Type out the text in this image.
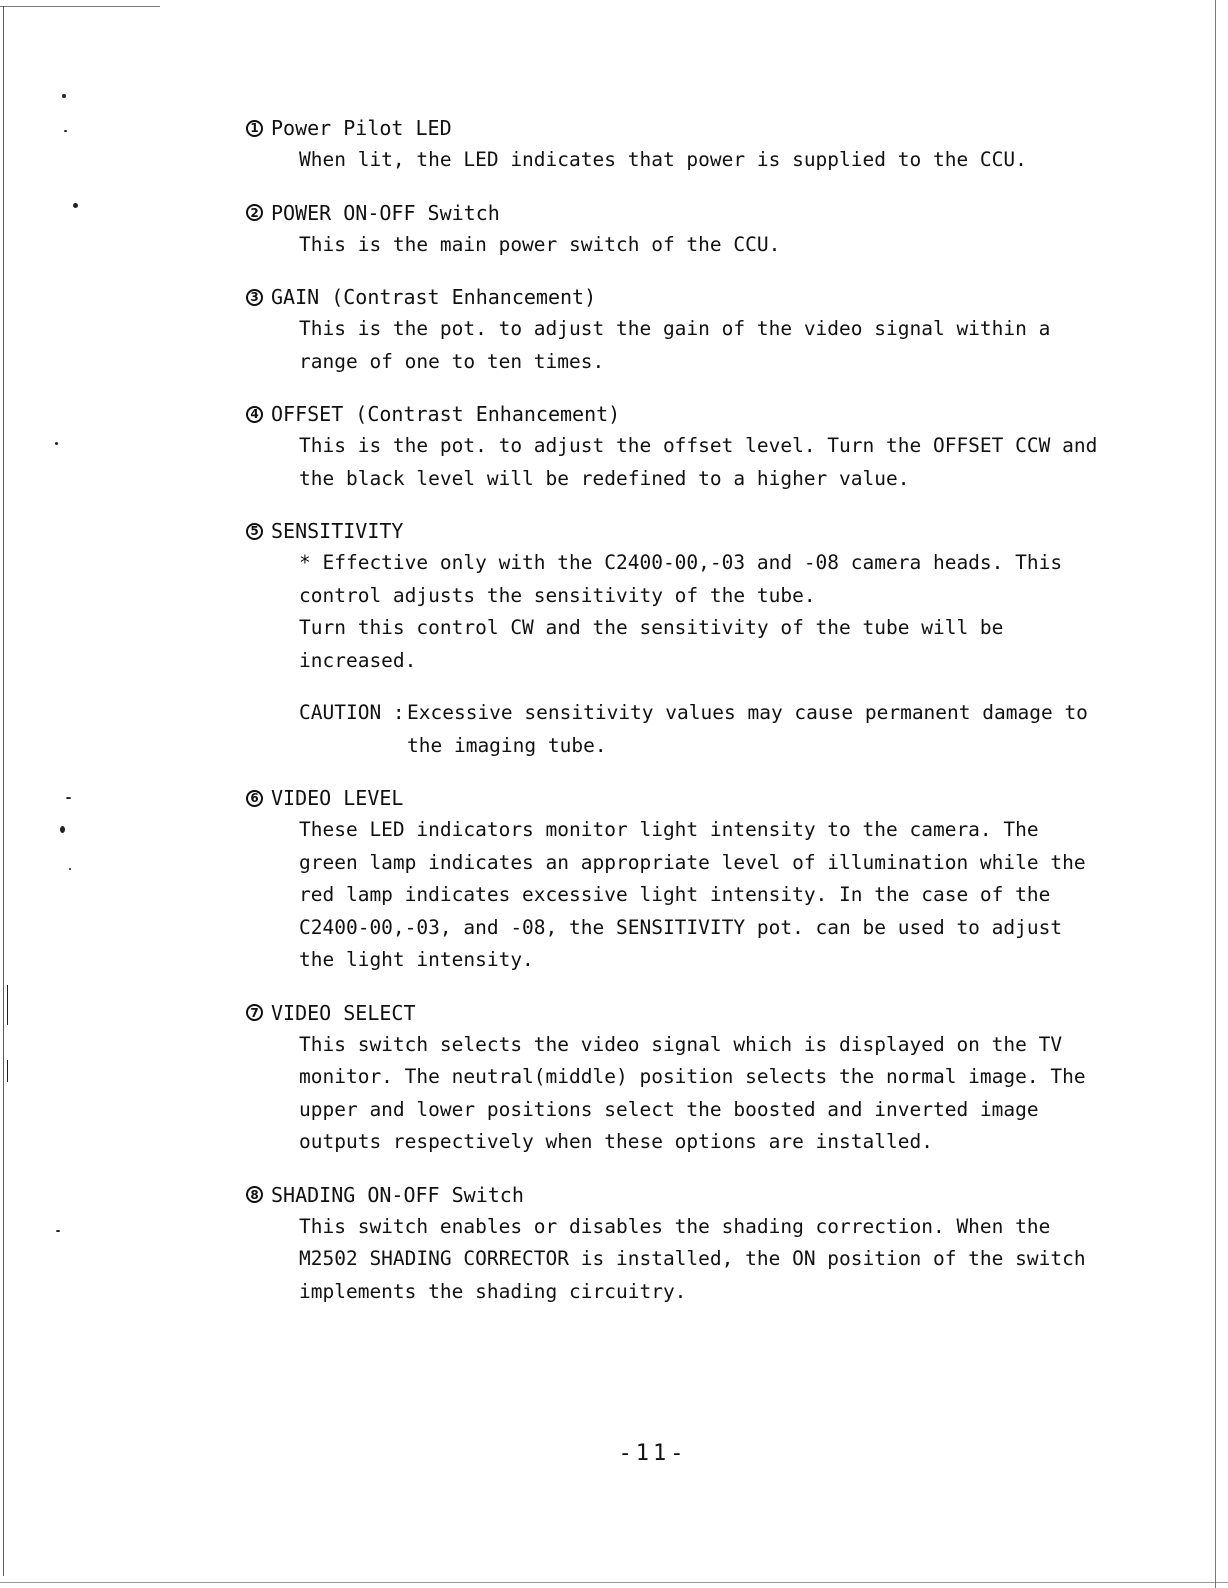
1 Power Pilot LED

When lit, the LED indicates that power is supplied to the CCU.

2 POWER ON-OFF Switch

This is the main power switch of the CCU.

3 GAIN (Contrast Enhancement)

This is the pot. to adjust the gain of the video signal within a range of one to ten times.

4 OFFSET (Contrast Enhancement)

This is the pot. to adjust the offset level. Turn the OFFSET CCW and the black level will be redefined to a higher value.

5 SENSITIVITY

* Effective only with the C2400-00,-03 and -08 camera heads. This control adjusts the sensitivity of the tube.

Turn this control CW and the sensitivity of the tube will be increased.

CAUTION : Excessive sensitivity values may cause permanent damage to the imaging tube.
6 VIDEO LEVEL

These LED indicators monitor light intensity to the camera. The green lamp indicates an appropriate level of illumination while the red lamp indicates excessive light intensity. In the case of the C2400-00,-03, and -08, the SENSITIVITY pot. can be used to adjust the light intensity.

7 VIDEO SELECT

This switch selects the video signal which is displayed on the TV monitor. The neutral(middle) position selects the normal image. The upper and lower positions select the boosted and inverted image outputs respectively when these options are installed.

8 SHADING ON-OFF Switch

This switch enables or disables the shading correction. When the M2502 SHADING CORRECTOR is installed, the ON position of the switch implements the shading circuitry.

-11-
